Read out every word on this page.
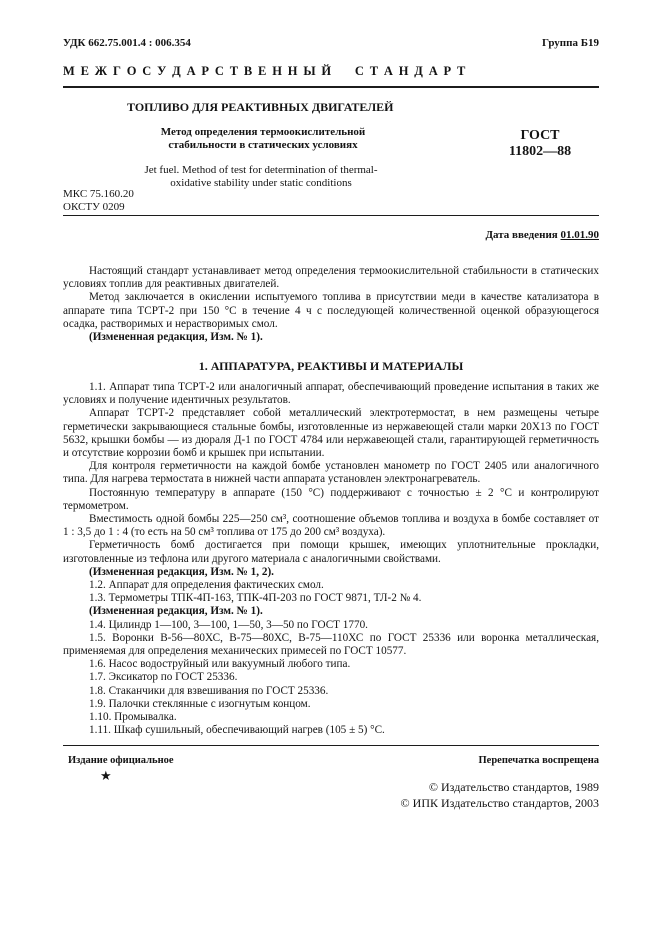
УДК 662.75.001.4 : 006.354	Группа Б19
М Е Ж Г О С У Д А Р С Т В Е Н Н Ы Й     С Т А Н Д А Р Т
ТОПЛИВО ДЛЯ РЕАКТИВНЫХ ДВИГАТЕЛЕЙ
Метод определения термоокислительной
стабильности в статических условиях
Jet fuel. Method of test for determination of thermal-
oxidative stability under static conditions
ГОСТ
11802—88
МКС 75.160.20
ОКСТУ 0209
Дата введения 01.01.90

Настоящий стандарт устанавливает метод определения термоокислительной стабильности в статических условиях топлив для реактивных двигателей.

Метод заключается в окислении испытуемого топлива в присутствии меди в качестве катализатора в аппарате типа ТСРТ-2 при 150 °С в течение 4 ч с последующей количественной оценкой образующегося осадка, растворимых и нерастворимых смол.

(Измененная редакция, Изм. № 1).

1. АППАРАТУРА, РЕАКТИВЫ И МАТЕРИАЛЫ

1.1. Аппарат типа ТСРТ-2 или аналогичный аппарат, обеспечивающий проведение испытания в таких же условиях и получение идентичных результатов.

Аппарат ТСРТ-2 представляет собой металлический электротермостат, в нем размещены четыре герметически закрывающиеся стальные бомбы, изготовленные из нержавеющей стали марки 20Х13 по ГОСТ 5632, крышки бомбы — из дюраля Д-1 по ГОСТ 4784 или нержавеющей стали, гарантирующей герметичность и отсутствие коррозии бомб и крышек при испытании.

Для контроля герметичности на каждой бомбе установлен манометр по ГОСТ 2405 или аналогичного типа. Для нагрева термостата в нижней части аппарата установлен электронагреватель.

Постоянную температуру в аппарате (150 °С) поддерживают с точностью ± 2 °С и контролируют термометром.

Вместимость одной бомбы 225—250 см³, соотношение объемов топлива и воздуха в бомбе составляет от 1 : 3,5 до 1 : 4 (то есть на 50 см³ топлива от 175 до 200 см³ воздуха).

Герметичность бомб достигается при помощи крышек, имеющих уплотнительные прокладки, изготовленные из тефлона или другого материала с аналогичными свойствами.

(Измененная редакция, Изм. № 1, 2).

1.2. Аппарат для определения фактических смол.

1.3. Термометры ТПК-4П-163, ТПК-4П-203 по ГОСТ 9871, ТЛ-2 № 4.

(Измененная редакция, Изм. № 1).

1.4. Цилиндр 1—100, 3—100, 1—50, 3—50 по ГОСТ 1770.

1.5. Воронки В-56—80ХС, В-75—80ХС, В-75—110ХС по ГОСТ 25336 или воронка металлическая, применяемая для определения механических примесей по ГОСТ 10577.

1.6. Насос водоструйный или вакуумный любого типа.

1.7. Эксикатор по ГОСТ 25336.

1.8. Стаканчики для взвешивания по ГОСТ 25336.

1.9. Палочки стеклянные с изогнутым концом.

1.10. Промывалка.

1.11. Шкаф сушильный, обеспечивающий нагрев (105 ± 5) °С.

Издание официальное	Перепечатка воспрещена
★
© Издательство стандартов, 1989
© ИПК Издательство стандартов, 2003
